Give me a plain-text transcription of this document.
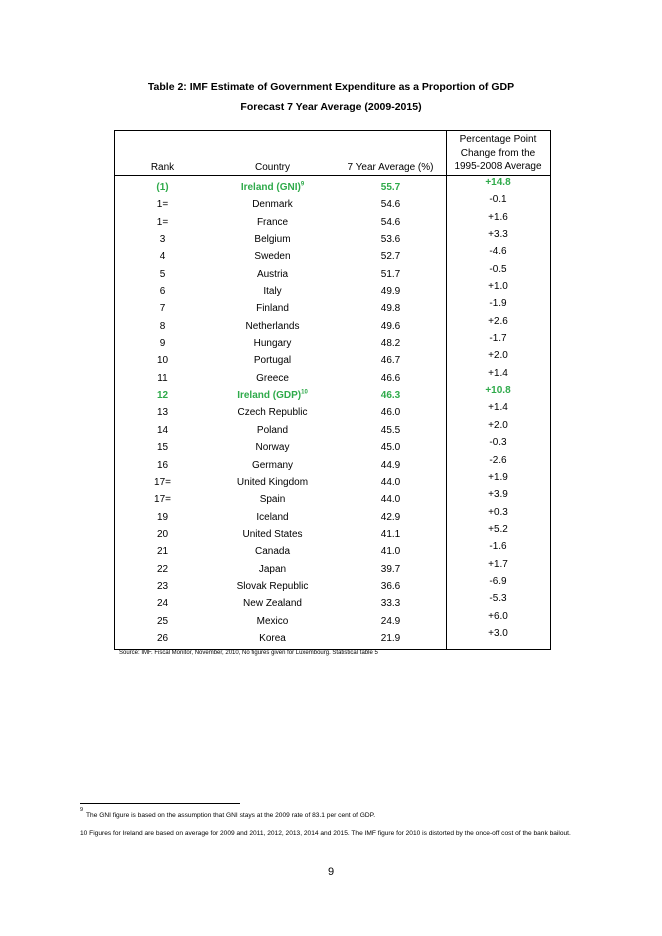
Table 2: IMF Estimate of Government Expenditure as a Proportion of GDP
Forecast 7 Year Average (2009-2015)
Rank	Country	7 Year Average (%)
Percentage Point
Change from the
1995-2008 Average
(1)	Ireland (GNI)$^9$	55.7	+14.8
1=	Denmark	54.6	-0.1
1=	France	54.6	+1.6
3	Belgium	53.6	+3.3
4	Sweden	52.7	-4.6
5	Austria	51.7	-0.5
6	Italy	49.9	+1.0
7	Finland	49.8	-1.9
8	Netherlands	49.6	+2.6
9	Hungary	48.2	-1.7
10	Portugal	46.7	+2.0
11	Greece	46.6	+1.4
12	Ireland (GDP)$^{10}$	46.3	+10.8
13	Czech Republic	46.0	+1.4
14	Poland	45.5	+2.0
15	Norway	45.0	-0.3
16	Germany	44.9	-2.6
17=	United Kingdom	44.0	+1.9
17=	Spain	44.0	+3.9
19	Iceland	42.9	+0.3
20	United States	41.1	+5.2
21	Canada	41.0	-1.6
22	Japan	39.7	+1.7
23	Slovak Republic	36.6	-6.9
24	New Zealand	33.3	-5.3
25	Mexico	24.9	+6.0
26	Korea	21.9	+3.0
Source: IMF. Fiscal Monitor, November, 2010, No figures given for Luxembourg. Statistical table 5
9
The GNI figure is based on the assumption that GNI stays at the 2009 rate of 83.1 per cent of GDP.
10 Figures for Ireland are based on average for 2009 and 2011, 2012, 2013, 2014 and 2015. The IMF figure for 2010 is distorted by the once-off cost of the bank bailout.
9
